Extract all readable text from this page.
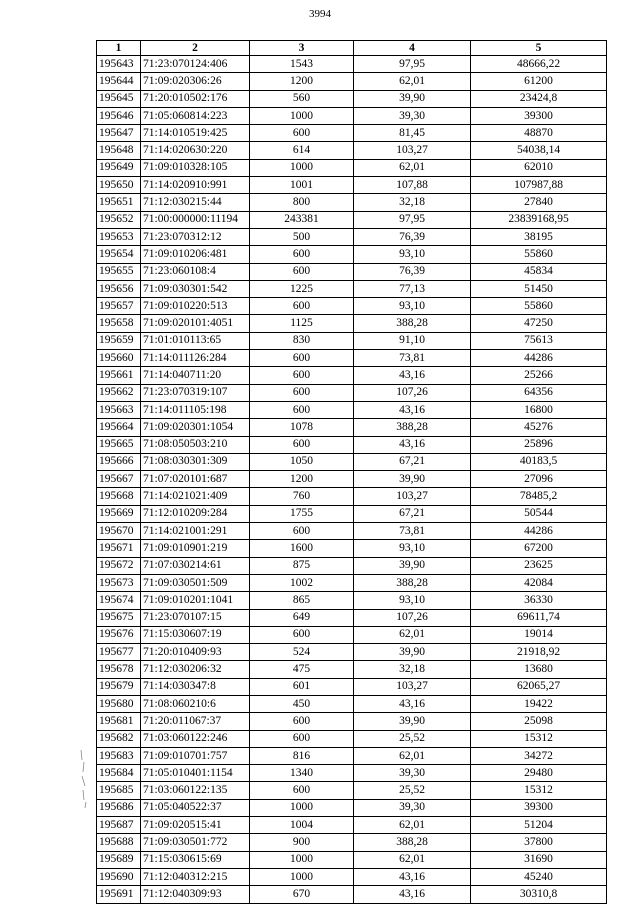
3994
1	2	3	4	5
195643	71:23:070124:406	1543	97,95	48666,22
195644	71:09:020306:26	1200	62,01	61200
195645	71:20:010502:176	560	39,90	23424,8
195646	71:05:060814:223	1000	39,30	39300
195647	71:14:010519:425	600	81,45	48870
195648	71:14:020630:220	614	103,27	54038,14
195649	71:09:010328:105	1000	62,01	62010
195650	71:14:020910:991	1001	107,88	107987,88
195651	71:12:030215:44	800	32,18	27840
195652	71:00:000000:11194	243381	97,95	23839168,95
195653	71:23:070312:12	500	76,39	38195
195654	71:09:010206:481	600	93,10	55860
195655	71:23:060108:4	600	76,39	45834
195656	71:09:030301:542	1225	77,13	51450
195657	71:09:010220:513	600	93,10	55860
195658	71:09:020101:4051	1125	388,28	47250
195659	71:01:010113:65	830	91,10	75613
195660	71:14:011126:284	600	73,81	44286
195661	71:14:040711:20	600	43,16	25266
195662	71:23:070319:107	600	107,26	64356
195663	71:14:011105:198	600	43,16	16800
195664	71:09:020301:1054	1078	388,28	45276
195665	71:08:050503:210	600	43,16	25896
195666	71:08:030301:309	1050	67,21	40183,5
195667	71:07:020101:687	1200	39,90	27096
195668	71:14:021021:409	760	103,27	78485,2
195669	71:12:010209:284	1755	67,21	50544
195670	71:14:021001:291	600	73,81	44286
195671	71:09:010901:219	1600	93,10	67200
195672	71:07:030214:61	875	39,90	23625
195673	71:09:030501:509	1002	388,28	42084
195674	71:09:010201:1041	865	93,10	36330
195675	71:23:070107:15	649	107,26	69611,74
195676	71:15:030607:19	600	62,01	19014
195677	71:20:010409:93	524	39,90	21918,92
195678	71:12:030206:32	475	32,18	13680
195679	71:14:030347:8	601	103,27	62065,27
195680	71:08:060210:6	450	43,16	19422
195681	71:20:011067:37	600	39,90	25098
195682	71:03:060122:246	600	25,52	15312
195683	71:09:010701:757	816	62,01	34272
195684	71:05:010401:1154	1340	39,30	29480
195685	71:03:060122:135	600	25,52	15312
195686	71:05:040522:37	1000	39,30	39300
195687	71:09:020515:41	1004	62,01	51204
195688	71:09:030501:772	900	388,28	37800
195689	71:15:030615:69	1000	62,01	31690
195690	71:12:040312:215	1000	43,16	45240
195691	71:12:040309:93	670	43,16	30310,8
